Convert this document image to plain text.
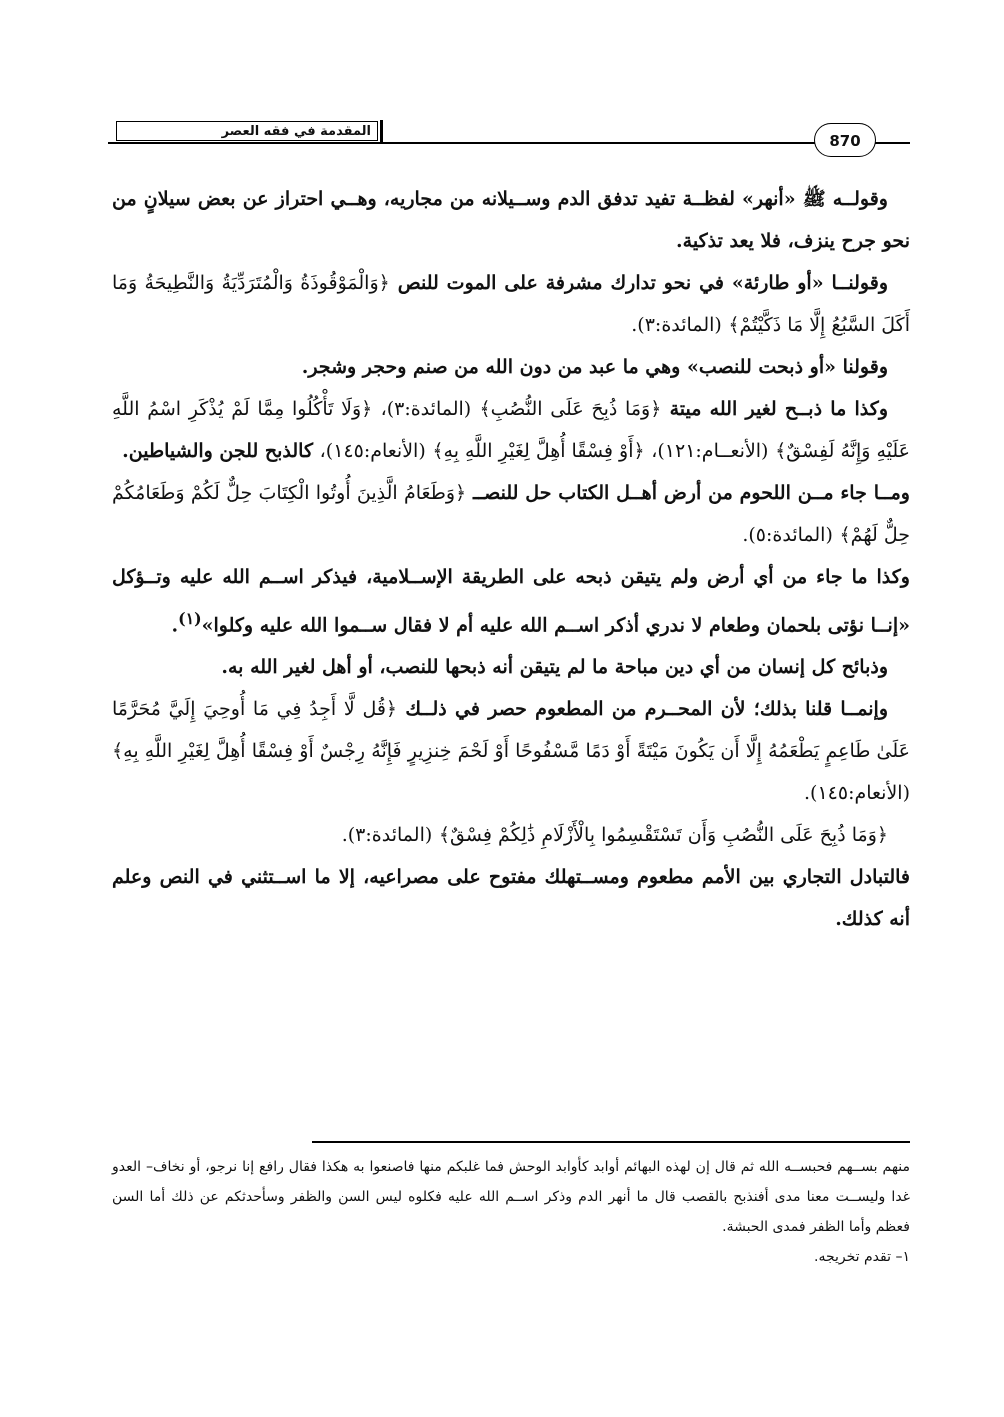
المقدمة في فقه العصر
870

وقولــه ﷺ «أنهر» لفظــة تفيد تدفق الدم وســيلانه من مجاريه، وهــي احتراز عن بعض سيلانٍ من نحو جرح ينزف، فلا يعد تذكية.

وقولنــا «أو طارئة» في نحو تدارك مشرفة على الموت للنص ﴿وَالْمَوْقُوذَةُ وَالْمُتَرَدِّيَةُ وَالنَّطِيحَةُ وَمَا أَكَلَ السَّبُعُ إِلَّا مَا ذَكَّيْتُمْ﴾ (المائدة:٣).

وقولنا «أو ذبحت للنصب» وهي ما عبد من دون الله من صنم وحجر وشجر.

وكذا ما ذبــح لغير الله ميتة ﴿وَمَا ذُبِحَ عَلَى النُّصُبِ﴾ (المائدة:٣)، ﴿وَلَا تَأْكُلُوا مِمَّا لَمْ يُذْكَرِ اسْمُ اللَّهِ عَلَيْهِ وَإِنَّهُ لَفِسْقٌ﴾ (الأنعــام:١٢١)، ﴿أَوْ فِسْقًا أُهِلَّ لِغَيْرِ اللَّهِ بِهِ﴾ (الأنعام:١٤٥)، كالذبح للجن والشياطين.

ومــا جاء مــن اللحوم من أرض أهــل الكتاب حل للنصــ ﴿وَطَعَامُ الَّذِينَ أُوتُوا الْكِتَابَ حِلٌّ لَكُمْ وَطَعَامُكُمْ حِلٌّ لَهُمْ﴾ (المائدة:٥).

وكذا ما جاء من أي أرض ولم يتيقن ذبحه على الطريقة الإســلامية، فيذكر اســم الله عليه وتــؤكل «إنــا نؤتى بلحمان وطعام لا ندري أذكر اســم الله عليه أم لا فقال ســموا الله عليه وكلوا»$^{(١)}$.

وذبائح كل إنسان من أي دين مباحة ما لم يتيقن أنه ذبحها للنصب، أو أهل لغير الله به.

وإنمــا قلنا بذلك؛ لأن المحــرم من المطعوم حصر في ذلــك ﴿قُل لَّا أَجِدُ فِي مَا أُوحِيَ إِلَيَّ مُحَرَّمًا عَلَىٰ طَاعِمٍ يَطْعَمُهُ إِلَّا أَن يَكُونَ مَيْتَةً أَوْ دَمًا مَّسْفُوحًا أَوْ لَحْمَ خِنزِيرٍ فَإِنَّهُ رِجْسٌ أَوْ فِسْقًا أُهِلَّ لِغَيْرِ اللَّهِ بِهِ﴾ (الأنعام:١٤٥).

﴿وَمَا ذُبِحَ عَلَى النُّصُبِ وَأَن تَسْتَقْسِمُوا بِالْأَزْلَامِ ذَٰلِكُمْ فِسْقٌ﴾ (المائدة:٣).

فالتبادل التجاري بين الأمم مطعوم ومســتهلك مفتوح على مصراعيه، إلا ما اســتثني في النص وعلم أنه كذلك.

منهم بســهم فحبســه الله ثم قال إن لهذه البهائم أوابد كأوابد الوحش فما غلبكم منها فاصنعوا به هكذا فقال رافع إنا نرجو، أو نخاف– العدو غدا وليســت معنا مدى أفنذبح بالقصب قال ما أنهر الدم وذكر اســم الله عليه فكلوه ليس السن والظفر وسأحدثكم عن ذلك أما السن فعظم وأما الظفر فمدى الحبشة.

١– تقدم تخريجه.
